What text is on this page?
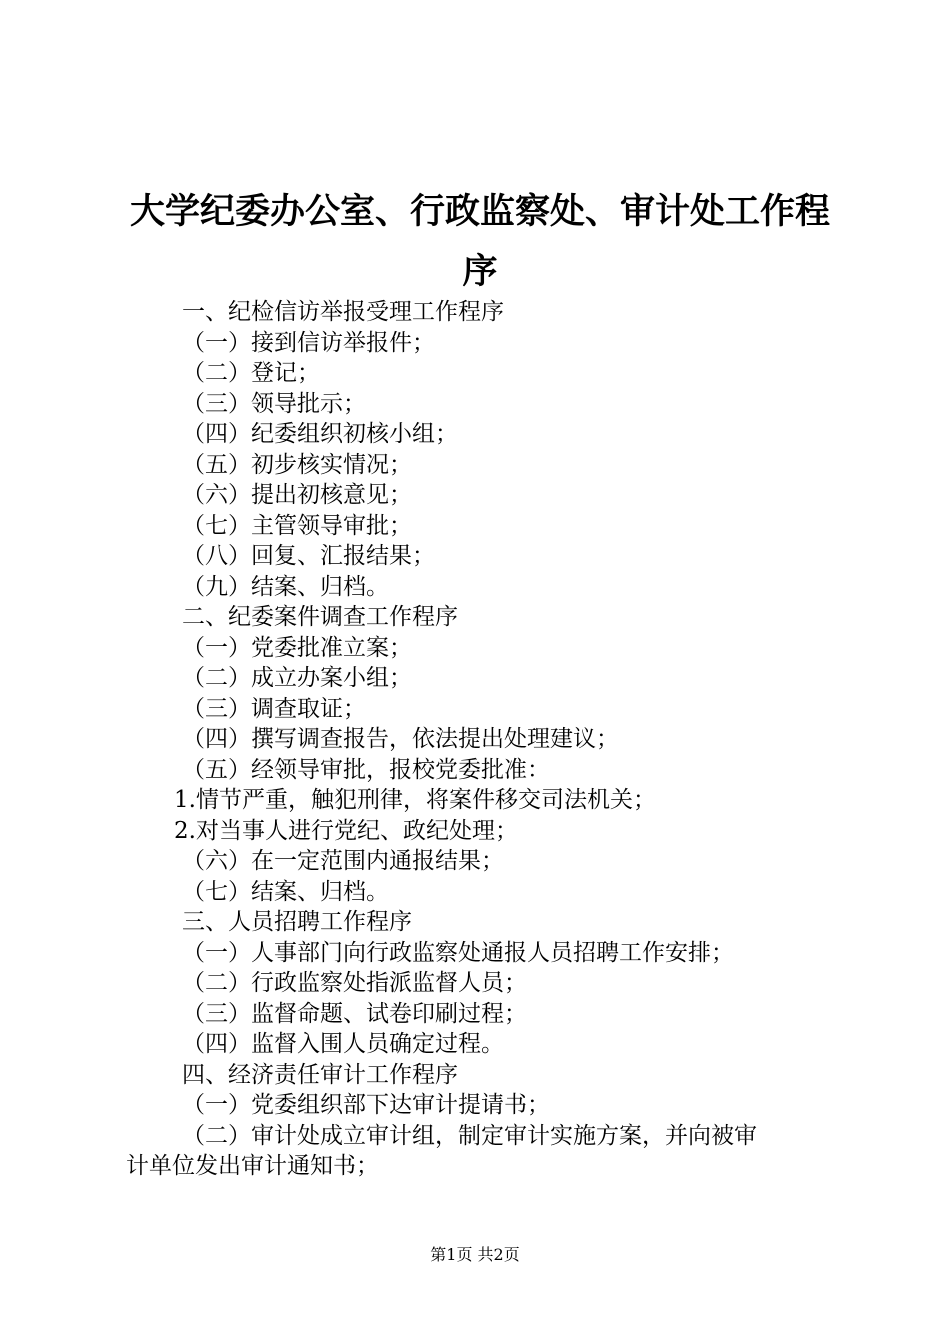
大学纪委办公室、行政监察处、审计处工作程
序
一、纪检信访举报受理工作程序
（一）接到信访举报件；
（二）登记；
（三）领导批示；
（四）纪委组织初核小组；
（五）初步核实情况；
（六）提出初核意见；
（七）主管领导审批；
（八）回复、汇报结果；
（九）结案、归档。
二、纪委案件调查工作程序
（一）党委批准立案；
（二）成立办案小组；
（三）调查取证；
（四）撰写调查报告，依法提出处理建议；
（五）经领导审批，报校党委批准：
1.情节严重，触犯刑律，将案件移交司法机关；
2.对当事人进行党纪、政纪处理；
（六）在一定范围内通报结果；
（七）结案、归档。
三、人员招聘工作程序
（一）人事部门向行政监察处通报人员招聘工作安排；
（二）行政监察处指派监督人员；
（三）监督命题、试卷印刷过程；
（四）监督入围人员确定过程。
四、经济责任审计工作程序
（一）党委组织部下达审计提请书；
（二）审计处成立审计组，制定审计实施方案，并向被审
计单位发出审计通知书；
第1页 共2页
